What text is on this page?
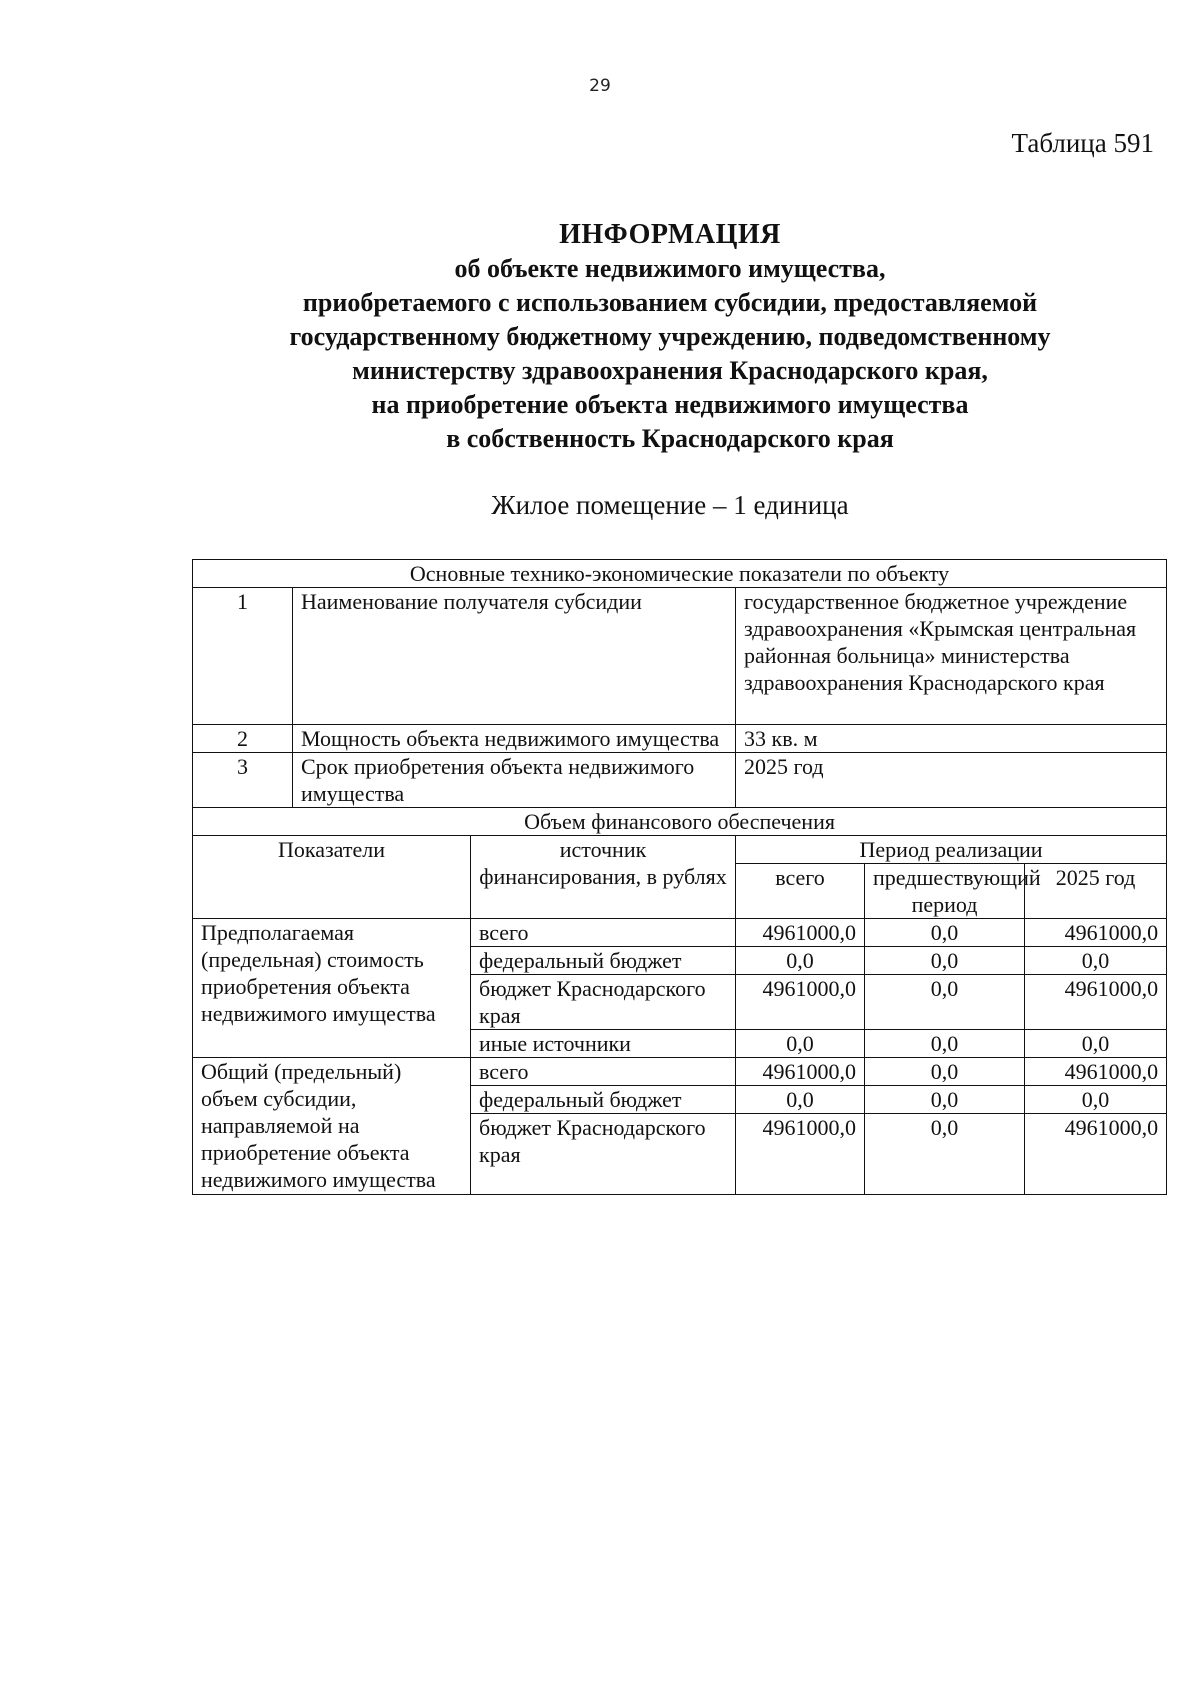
29
Таблица 591
ИНФОРМАЦИЯ
об объекте недвижимого имущества,
приобретаемого с использованием субсидии, предоставляемой
государственному бюджетному учреждению, подведомственному
министерству здравоохранения Краснодарского края,
на приобретение объекта недвижимого имущества
в собственность Краснодарского края
Жилое помещение – 1 единица
Основные технико-экономические показатели по объекту					
1	Наименование получателя субсидии		государственное бюджетное учреждение здравоохранения «Крымская центральная районная больница» министерства здравоохранения Краснодарского края		
2	Мощность объекта недвижимого имущества		33 кв. м		
3	Срок приобретения объекта недвижимого имущества		2025 год		
Объем финансового обеспечения					
Показатели		источник финансирования, в рублях	Период реализации		
			всего	предшествующий период	2025 год
Предполагаемая (предельная) стоимость приобретения объекта недвижимого имущества		всего	4961000,0	0,0	4961000,0
		федеральный бюджет	0,0	0,0	0,0
		бюджет Краснодарского края	4961000,0	0,0	4961000,0
		иные источники	0,0	0,0	0,0
Общий (предельный) объем субсидии, направляемой на приобретение объекта недвижимого имущества		всего	4961000,0	0,0	4961000,0
		федеральный бюджет	0,0	0,0	0,0
		бюджет Краснодарского края	4961000,0	0,0	4961000,0
